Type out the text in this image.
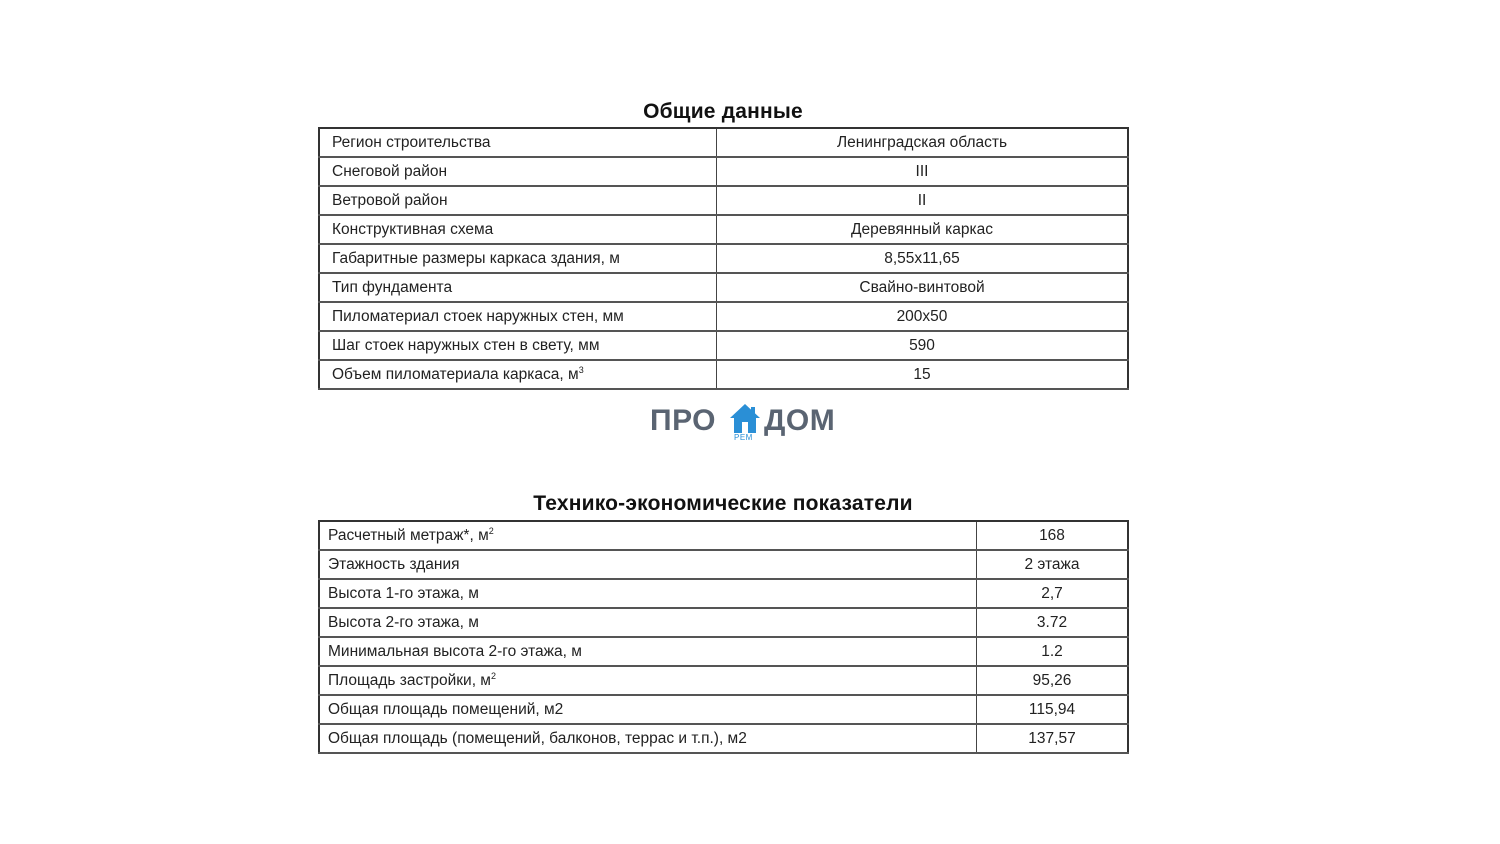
Общие данные
Регион строительства	Ленинградская область
Снеговой район	III
Ветровой район	II
Конструктивная схема	Деревянный каркас
Габаритные размеры каркаса здания, м	8,55x11,65
Тип фундамента	Свайно-винтовой
Пиломатериал стоек наружных стен, мм	200x50
Шаг стоек наружных стен в свету, мм	590
Объем пиломатериала каркаса, $м^3$	15
ПРО
РЕМ
ДОМ
Технико-экономические показатели
Расчетный метраж*, $м^2$	168
Этажность здания	2 этажа
Высота 1-го этажа, м	2,7
Высота 2-го этажа, м	3.72
Минимальная высота 2-го этажа, м	1.2
Площадь застройки, $м^2$	95,26
Общая площадь помещений, м2	115,94
Общая площадь (помещений, балконов, террас и т.п.), м2	137,57
